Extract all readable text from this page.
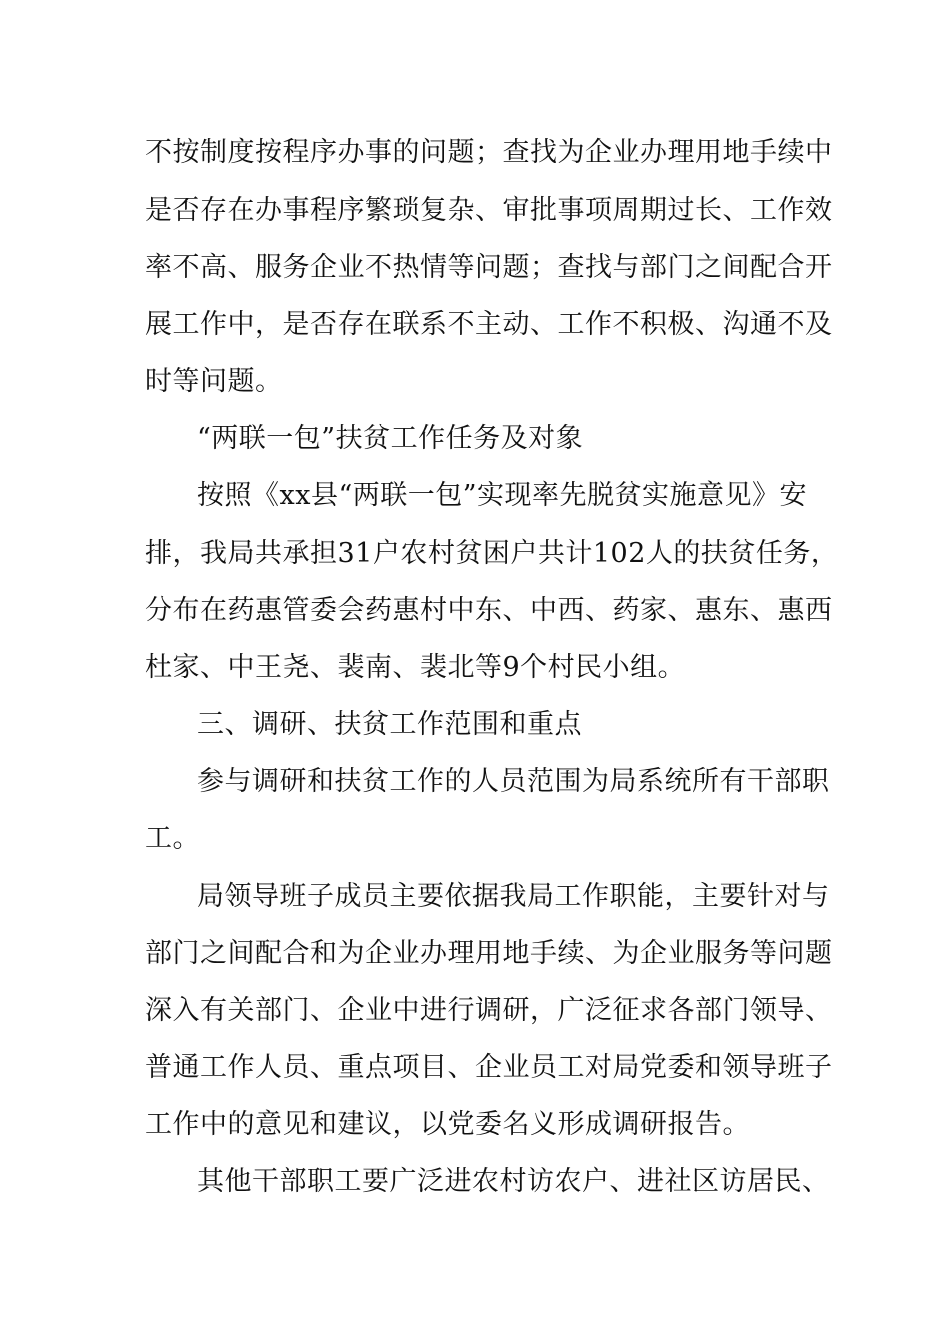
不按制度按程序办事的问题；查找为企业办理用地手续中
是否存在办事程序繁琐复杂、审批事项周期过长、工作效
率不高、服务企业不热情等问题；查找与部门之间配合开
展工作中，是否存在联系不主动、工作不积极、沟通不及
时等问题。
“两联一包”扶贫工作任务及对象
按照《xx县“两联一包”实现率先脱贫实施意见》安
排，我局共承担31户农村贫困户共计102人的扶贫任务，
分布在药惠管委会药惠村中东、中西、药家、惠东、惠西
杜家、中王尧、裴南、裴北等9个村民小组。
三、调研、扶贫工作范围和重点
参与调研和扶贫工作的人员范围为局系统所有干部职
工。
局领导班子成员主要依据我局工作职能，主要针对与
部门之间配合和为企业办理用地手续、为企业服务等问题
深入有关部门、企业中进行调研，广泛征求各部门领导、
普通工作人员、重点项目、企业员工对局党委和领导班子
工作中的意见和建议，以党委名义形成调研报告。
其他干部职工要广泛进农村访农户、进社区访居民、
